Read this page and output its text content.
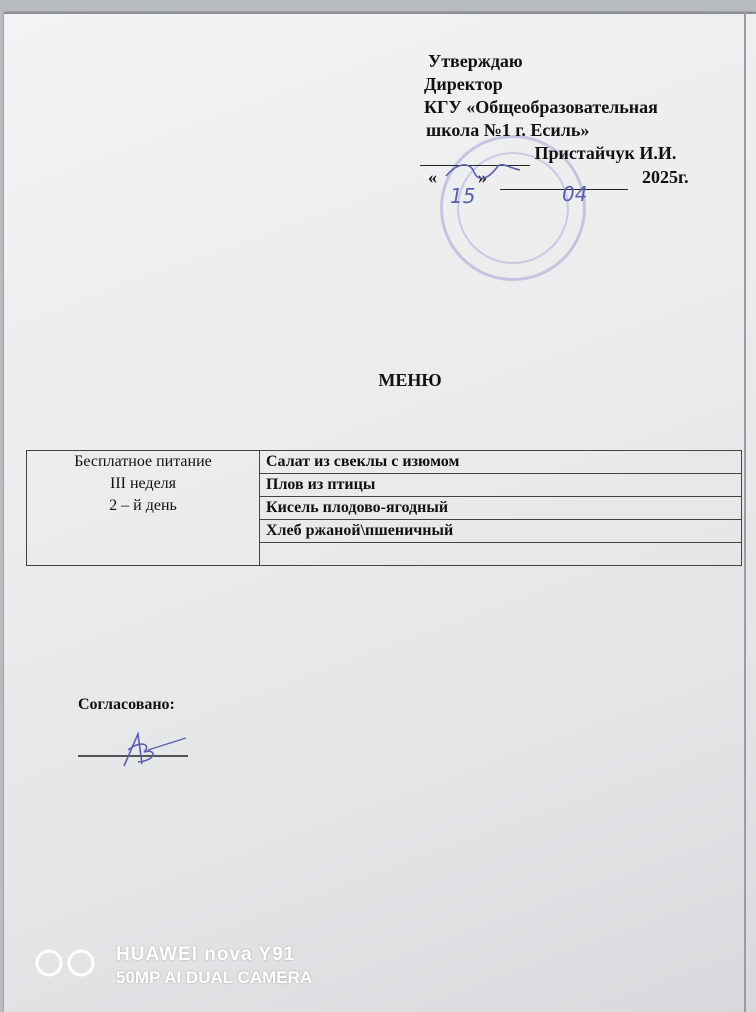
Утверждаю
Директор
КГУ «Общеобразовательная
школа №1 г. Есиль»
Пристайчук И.И.
« »	2025г.
15	04
МЕНЮ
Бесплатное питание
III неделя
2 – й день
	Салат из свеклы с изюмом
Плов из птицы
Кисель плодово-ягодный
Хлеб ржаной\пшеничный

Согласовано:
HUAWEI nova Y91
50MP AI DUAL CAMERA
